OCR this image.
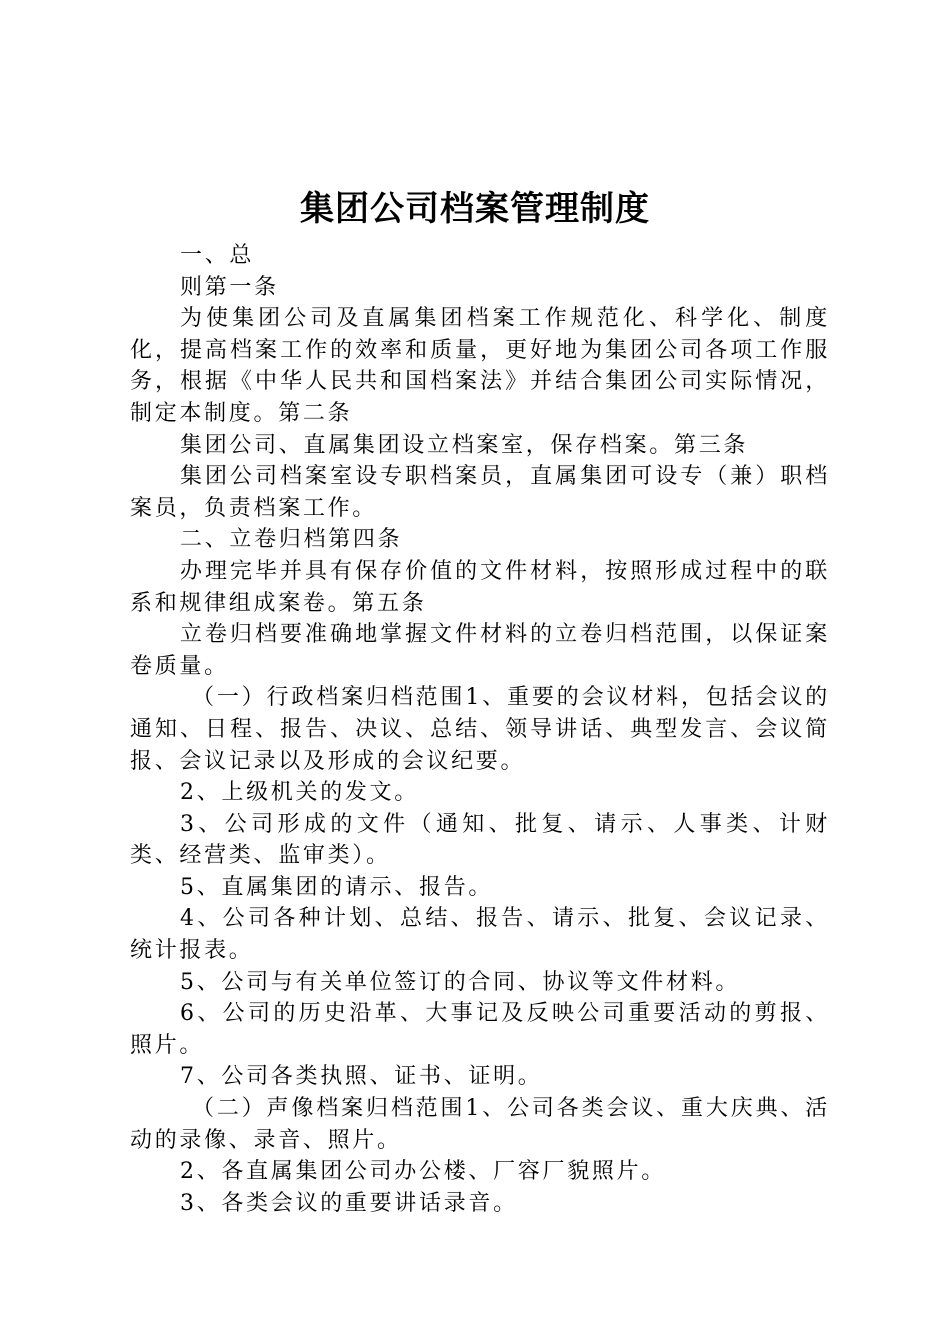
集团公司档案管理制度

一、总

则第一条

为使集团公司及直属集团档案工作规范化、科学化、制度化，提高档案工作的效率和质量，更好地为集团公司各项工作服务，根据《中华人民共和国档案法》并结合集团公司实际情况，制定本制度。第二条

集团公司、直属集团设立档案室，保存档案。第三条

集团公司档案室设专职档案员，直属集团可设专（兼）职档案员，负责档案工作。

二、立卷归档第四条

办理完毕并具有保存价值的文件材料，按照形成过程中的联系和规律组成案卷。第五条

立卷归档要准确地掌握文件材料的立卷归档范围，以保证案卷质量。

（一）行政档案归档范围1、重要的会议材料，包括会议的通知、日程、报告、决议、总结、领导讲话、典型发言、会议简报、会议记录以及形成的会议纪要。

2、上级机关的发文。

3、公司形成的文件（通知、批复、请示、人事类、计财类、经营类、监审类）。

5、直属集团的请示、报告。

4、公司各种计划、总结、报告、请示、批复、会议记录、统计报表。

5、公司与有关单位签订的合同、协议等文件材料。

6、公司的历史沿革、大事记及反映公司重要活动的剪报、照片。

7、公司各类执照、证书、证明。

（二）声像档案归档范围1、公司各类会议、重大庆典、活动的录像、录音、照片。

2、各直属集团公司办公楼、厂容厂貌照片。

3、各类会议的重要讲话录音。
